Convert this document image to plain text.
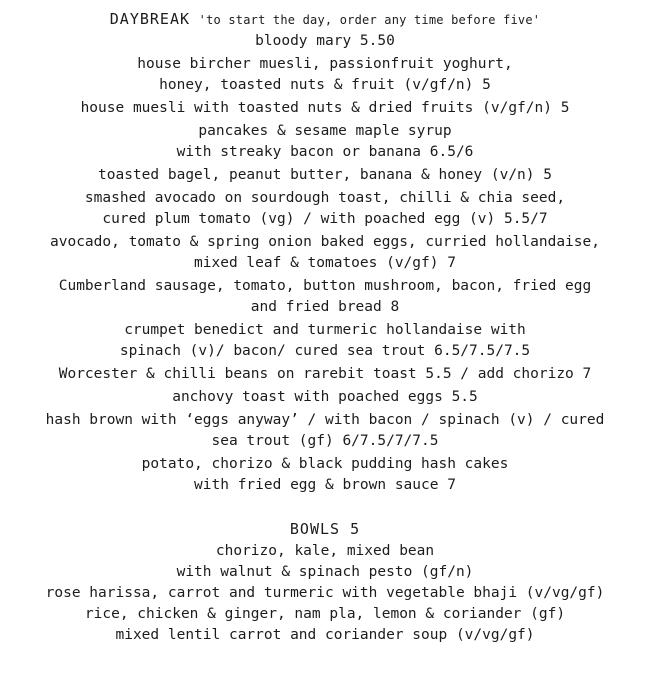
DAYBREAK 'to start the day, order any time before five'
bloody mary 5.50
house bircher muesli, passionfruit yoghurt,
honey, toasted nuts & fruit (v/gf/n) 5
house muesli with toasted nuts & dried fruits (v/gf/n) 5
pancakes & sesame maple syrup
with streaky bacon or banana 6.5/6
toasted bagel, peanut butter, banana & honey (v/n) 5
smashed avocado on sourdough toast, chilli & chia seed,
cured plum tomato (vg) / with poached egg (v) 5.5/7
avocado, tomato & spring onion baked eggs, curried hollandaise,
mixed leaf & tomatoes (v/gf) 7
Cumberland sausage, tomato, button mushroom, bacon, fried egg
and fried bread 8
crumpet benedict and turmeric hollandaise with
spinach (v)/ bacon/ cured sea trout 6.5/7.5/7.5
Worcester & chilli beans on rarebit toast 5.5 / add chorizo 7
anchovy toast with poached eggs 5.5
hash brown with ‘eggs anyway’ / with bacon / spinach (v) / cured
sea trout (gf) 6/7.5/7/7.5
potato, chorizo & black pudding hash cakes
with fried egg & brown sauce 7
BOWLS 5
chorizo, kale, mixed bean
with walnut & spinach pesto (gf/n)
rose harissa, carrot and turmeric with vegetable bhaji (v/vg/gf)
rice, chicken & ginger, nam pla, lemon & coriander (gf)
mixed lentil carrot and coriander soup (v/vg/gf)
